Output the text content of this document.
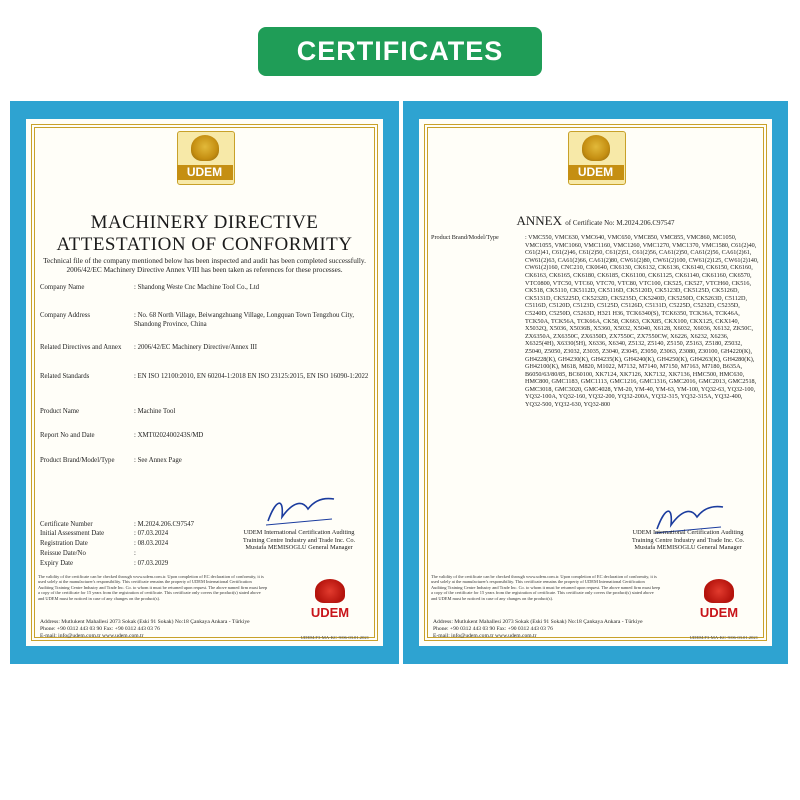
CERTIFICATES
UDEM
MACHINERY DIRECTIVE
ATTESTATION OF CONFORMITY
Technical file of the company mentioned below has been inspected and audit has been completed successfully. 2006/42/EC Machinery Directive Annex VIII has been taken as references for these processes.
Company Name	: Shandong Weste Cnc Machine Tool Co., Ltd
Company Address	: No. 68 North Village, Beiwangzhuang Village, Longquan Town Tengzhou City, Shandong Province, China
Related Directives and Annex	: 2006/42/EC Machinery Directive/Annex III
Related Standards	: EN ISO 12100:2010, EN 60204-1:2018 EN ISO 23125:2015, EN ISO 16090-1:2022
Product Name	: Machine Tool
Report No and Date	: XMT0202400243S/MD
Product Brand/Model/Type	: See Annex Page
Certificate Number	: M.2024.206.C97547
Initial Assessment Date	: 07.03.2024
Registration Date	: 08.03.2024
Reissue Date/No	:
Expiry Date	: 07.03.2029
UDEM International Certification Auditing Training Centre Industry and Trade Inc. Co. Mustafa MEMISOGLU General Manager
The validity of the certificate can be checked through www.udem.com.tr. Upon completion of EC declaration of conformity, it is used solely at the manufacturer's responsibility. This certificate remains the property of UDEM International Certification Auditing Training Centre Industry and Trade Inc. Co. to whom it must be returned upon request. The above named firm must keep a copy of the certificate for 15 years from the registration of certificate. This certificate only covers the product(s) stated above and UDEM must be noticed in case of any changes on the product(s).
UDEM
Address: Mutlukent Mahallesi 2073 Sokak (Eski 91 Sokak) No:18 Çankaya Ankara - Türkiye
Phone: +90 0312 443 03 90 Fax: +90 0312 443 03 76
E-mail: info@udem.com.tr www.udem.com.tr	UDEM.F3-MA-KC-9/06-03.01.2021
UDEM
ANNEX of Certificate No: M.2024.206.C97547
Product Brand/Model/Type	: VMC550, VMC630, VMC640, VMC650, VMC850, VMC855, VMC860, MC1050, VMC1055, VMC1060, VMC1160, VMC1260, VMC1270, VMC1370, VMC1580, C61(2)40, C61(2)41, C61(2)46, C61(2)50, C61(2)51, C61(2)56, CA61(2)50, CA61(2)56, CA61(2)61, CW61(2)63, CA61(2)66, CA61(2)80, CW61(2)80, CW61(2)100, CW61(2)125, CW61(2)140, CW61(2)160, CNC210, CK0640, CK6130, CK6132, CK6136, CK6140, CK6150, CK6160, CK6163, CK6165, CK6180, CK6185, CK61100, CK61125, CK61140, CK61160, CK6570, VTC0800, VTC50, VTC60, VTC70, VTC80, VTC100, CK525, CK527, VTCH60, CK516, CK518, CK5110, CK5112D, CK5116D, CK5120D, CK5123D, CK5125D, CK5126D, CK5131D, CK5225D, CK5232D, CK5235D, CK5240D, CK5250D, CK5263D, C5112D, C5116D, C5120D, C5123D, C5125D, C5126D, C5131D, C5225D, C5232D, C5235D, C5240D, C5250D, C5263D, H321 H36, TCK6340(S), TCK6350, TCK36A, TCK46A, TCK50A, TCK56A, TCK66A, CK58, CK663, CKX85, CKX100, CKX125, CKX140, X5032Q, X5036, X5036B, X5360, X5032, X5040, X6128, X6032, X6036, X6132, ZK50C, ZX6350A, ZX6350C, ZX6350D, ZX7550C, ZX7550CW, X6226, X6232, X6236, X6325(4H), X6330(5H), X6336, X6340, Z5132, Z5140, Z5150, Z5163, Z5180, Z5032, Z5040, Z5050, Z3032, Z3035, Z3040, Z3045, Z3050, Z3063, Z3080, Z30100, GH4220(K), GH4228(K), GH4230(K), GH4235(K), GH4240(K), GH4250(K), GH4263(K), GH4280(K), GH42100(K), M618, M820, M1022, M7132, M7140, M7150, M7163, M7180, B635A, B6050/63/80/85, BC60100, XK7124, XK7126, XK7132, XK7136, HMC500, HMC630, HMC800, GMC1183, GMC1113, GMC1216, GMC1316, GMC2016, GMC2013, GMC2518, GMC3018, GMC3020, GMC4028, YM-20, YM-40, YM-63, YM-100, YQ32-63, YQ32-100, YQ32-100A, YQ32-160, YQ32-200, YQ32-200A, YQ32-315, YQ32-315A, YQ32-400, YQ32-500, YQ32-630, YQ32-800
UDEM International Certification Auditing Training Centre Industry and Trade Inc. Co. Mustafa MEMISOGLU General Manager
The validity of the certificate can be checked through www.udem.com.tr. Upon completion of EC declaration of conformity, it is used solely at the manufacturer's responsibility. This certificate remains the property of UDEM International Certification Auditing Training Centre Industry and Trade Inc. Co. to whom it must be returned upon request. The above named firm must keep a copy of the certificate for 15 years from the registration of certificate. This certificate only covers the product(s) stated above and UDEM must be noticed in case of any changes on the product(s).
UDEM
Address: Mutlukent Mahallesi 2073 Sokak (Eski 91 Sokak) No:18 Çankaya Ankara - Türkiye
Phone: +90 0312 443 03 90 Fax: +90 0312 443 03 76
E-mail: info@udem.com.tr www.udem.com.tr	UDEM.F3-MA-KC-9/06-03.01.2021
